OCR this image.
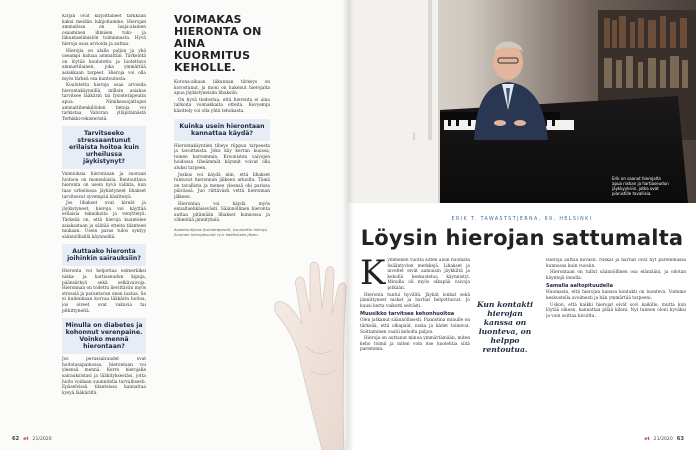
Kirjan ovat kirjoittaneet tarkkaan kaksi meidän lukijoitamme. Hierojan ammatissa on laaja-alainen osaaminen ihmisen tuki- ja liikuntaelimistön toiminnasta. Hyvä hieroja osaa arvioida ja auttaa.

Hierojia on alalla paljon ja yhä useampi haluaa ammattiin. Tärkeintä on löytää koulutettu ja luotettava ammattilainen, joka ymmärtää asiakkaan tarpeet. Hieroja voi olla myös tärkeä osa kuntoutusta.

Koulutettu hieroja osaa arvioida hierontakäynnillä, milloin asiakas tarvitsee lääkärin tai fysioterapeutin apua. Nimikesuojattujen ammattihenkilöiden tietoja voi tarkistaa Valviran ylläpitämästä Terhikki-rekisteristä.

Tarvitseeko stressaantunut erilaista hoitoa kuin urheilussa jäykistynyt?

Valmiuksia hierontaan ja suoraan hoitoon on monenlaisia. Rentouttava hieronta on usein hyvä valinta, kun taas urheilussa jäykistyneet lihakset tarvitsevat syvempää käsittelyä.

Jos lihakset ovat kireät ja jäykistyneet, hieroja voi käyttää erilaisia tekniikoita ja venyttelyä. Tärkeää on, että hieroja kuuntelee asiakastaan ja säätää otteita tilanteen mukaan. Usein paras tulos syntyy säännöllisillä käynneillä.

Auttaako hieronta joihinkin sairauksiin?

Hieronta voi helpottaa esimerkiksi niska- ja hartiaseudun kipuja, päänsärkyä sekä selkävaivoja. Hieronnan on todettu lievittävän myös stressiä ja parantavan unen laatua. Se ei kuitenkaan korvaa lääkärin hoitoa, jos oireet ovat vakavia tai pitkittyneitä.

Minulla on diabetes ja kohonnut verenpaine. Voinko mennä hierontaan?

Jos perussairaudet ovat hoitotasapainossa, hierontaan voi yleensä mennä. Kerro hierojalle sairauksistasi ja lääkityksestäsi, jotta hoito voidaan suunnitella turvallisesti. Epäselvissä tilanteissa kannattaa kysyä lääkäriltä.

VOIMAKAS HIERONTA ON AINA KUORMITUS KEHOLLE.

Korona-aikaan liikunnan tärkeys on korostunut, ja moni on hakenut hierojalta apua jäykistyneisiin lihaksiin.

On hyvä tiedostaa, että hieronta ei aina tarkoita voimakkaita otteita. Kevyempi käsittely voi olla yhtä tehokasta.

Kuinka usein hierontaan kannattaa käydä?

Hierontakäyntien tiheys riippuu tarpeesta ja tavoitteista. Joku käy kerran kuussa, toinen harvemmin. Kroonisten vaivojen hoidossa tiheämmät käynnit voivat olla aluksi tarpeen.

Joskus voi käydä niin, että lihakset tuntuvat hieronnan jälkeen arkoilta. Tämä on tavallista ja menee yleensä ohi parissa päivässä. Juo riittävästi vettä hieronnan jälkeen.

Hierontaa voi käydä myös ennaltaehkäisevästi. Säännöllinen hieronta auttaa pitämään lihakset kunnossa ja vähentää jännityksiä.

Asiantuntijana fysioterapeutti, koulutettu hieroja, Suomen hierojakoulut ry:n hallituksen jäsen.
62 et 21/2020
Erik on saanut hierojalta apua niskan ja hartiaseudun jäykkyyksiin, jotka ovat pianistille tavallisia.
KUVA
ERIK T. TAWASTSTJERNA, 69, HELSINKI
Löysin hierojan sattumalta
K ymmenen vuotta sitten aloin huomata lisääntyvien merkkejä. Lihakset ja niveltet eivät aamuisin jäykkiltä ja kehollä keskustelua käynnistyi. Minulla oli myös olkapää vaivoja pitkään.

Hieronta tuntui hyvältä. Jäykät lonkat sekä jännittyneet niskat ja hartiat helpottuivat. Jo kuusi kerta vaikutti selvästi.

Muusikko tarvitsee kehonhuoltoa

Olen jatkanut säännöllisesti. Pianistina minulle on tärkeää, että olkapäät, niska ja kädet toimivat. Soittaminen vaatii keholta paljon.

Hieroja on auttanut minua ymmärtämään, miten keho toimii ja miten voin itse huolehtia siitä paremmin.

Kun kontakti hierojan kanssa on luonteva, on helppo rentoutua.

Hieroja auttaa kovasti. Niskat ja hartiat ovat nyt paremmassa kunnossa kuin vuosiin.

Hierontaan on tullut säännöllinen osa elämääni, ja odotan käyntejä innolla.

Samalla aaltopituudella

Huomasin, että hierojan kanssa kontakti on luonteva. Voimme keskustella avoimesti ja hän ymmärtää tarpeeni.

Uskon, että kaikki hierojat eivät sovi kaikille, mutta kun löytää oikean, kannattaa pitää kiinni. Nyt tunnen oloni hyväksi ja voin soittaa kivuitta.

et 21/2020 63
